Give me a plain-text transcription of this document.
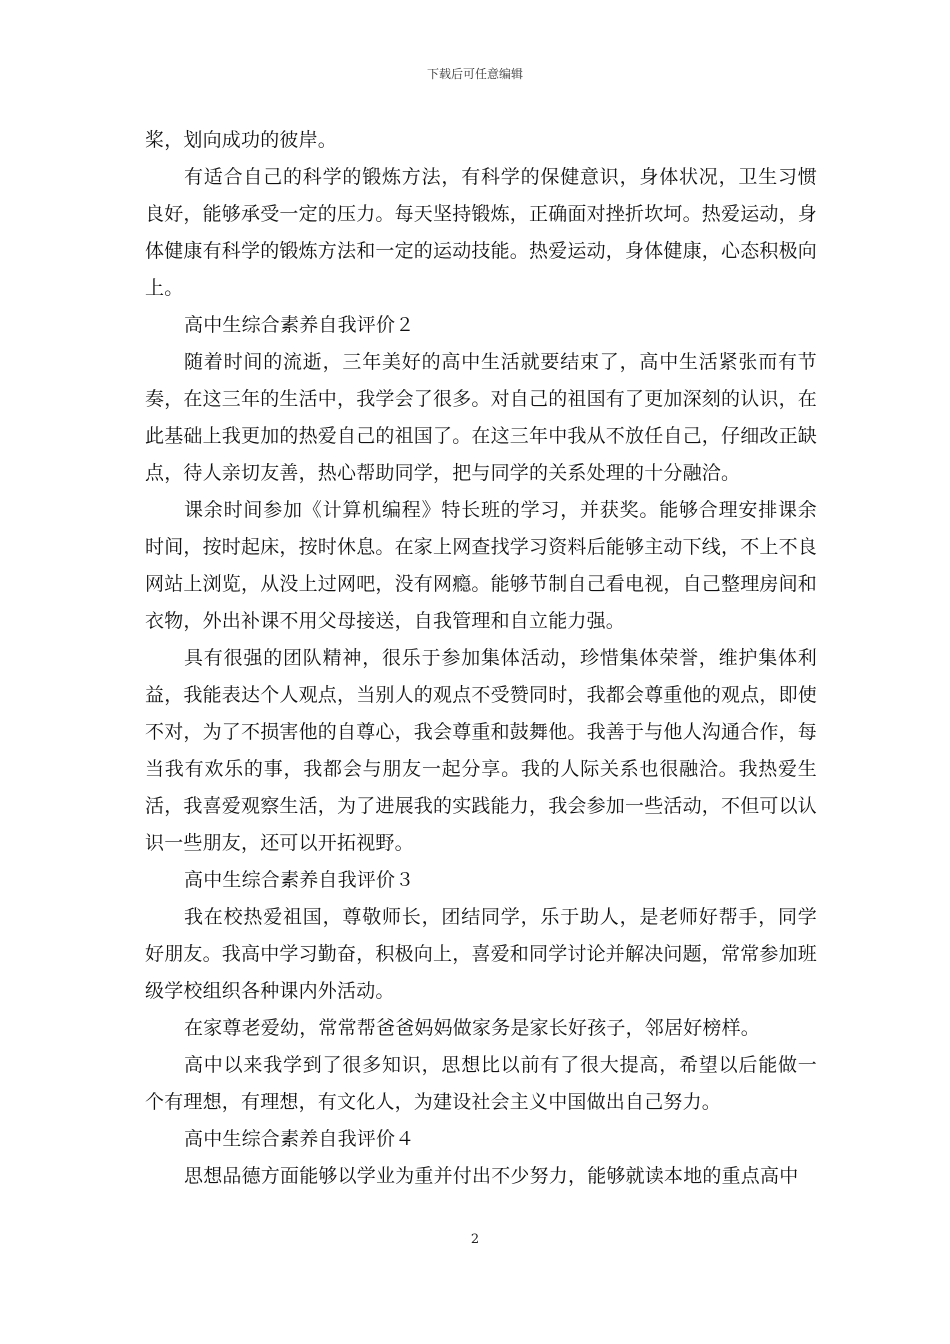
下载后可任意编辑

桨，划向成功的彼岸。

有适合自己的科学的锻炼方法，有科学的保健意识，身体状况，卫生习惯良好，能够承受一定的压力。每天坚持锻炼，正确面对挫折坎坷。热爱运动，身体健康有科学的锻炼方法和一定的运动技能。热爱运动，身体健康，心态积极向上。

高中生综合素养自我评价２

随着时间的流逝，三年美好的高中生活就要结束了，高中生活紧张而有节奏，在这三年的生活中，我学会了很多。对自己的祖国有了更加深刻的认识，在此基础上我更加的热爱自己的祖国了。在这三年中我从不放任自己，仔细改正缺点，待人亲切友善，热心帮助同学，把与同学的关系处理的十分融洽。

课余时间参加《计算机编程》特长班的学习，并获奖。能够合理安排课余时间，按时起床，按时休息。在家上网查找学习资料后能够主动下线，不上不良网站上浏览，从没上过网吧，没有网瘾。能够节制自己看电视，自己整理房间和衣物，外出补课不用父母接送，自我管理和自立能力强。

具有很强的团队精神，很乐于参加集体活动，珍惜集体荣誉，维护集体利益，我能表达个人观点，当别人的观点不受赞同时，我都会尊重他的观点，即使不对，为了不损害他的自尊心，我会尊重和鼓舞他。我善于与他人沟通合作，每当我有欢乐的事，我都会与朋友一起分享。我的人际关系也很融洽。我热爱生活，我喜爱观察生活，为了进展我的实践能力，我会参加一些活动，不但可以认识一些朋友，还可以开拓视野。

高中生综合素养自我评价３

我在校热爱祖国，尊敬师长，团结同学，乐于助人，是老师好帮手，同学好朋友。我高中学习勤奋，积极向上，喜爱和同学讨论并解决问题，常常参加班级学校组织各种课内外活动。

在家尊老爱幼，常常帮爸爸妈妈做家务是家长好孩子，邻居好榜样。

高中以来我学到了很多知识，思想比以前有了很大提高，希望以后能做一个有理想，有理想，有文化人，为建设社会主义中国做出自己努力。

高中生综合素养自我评价４

思想品德方面能够以学业为重并付出不少努力，能够就读本地的重点高中

2
